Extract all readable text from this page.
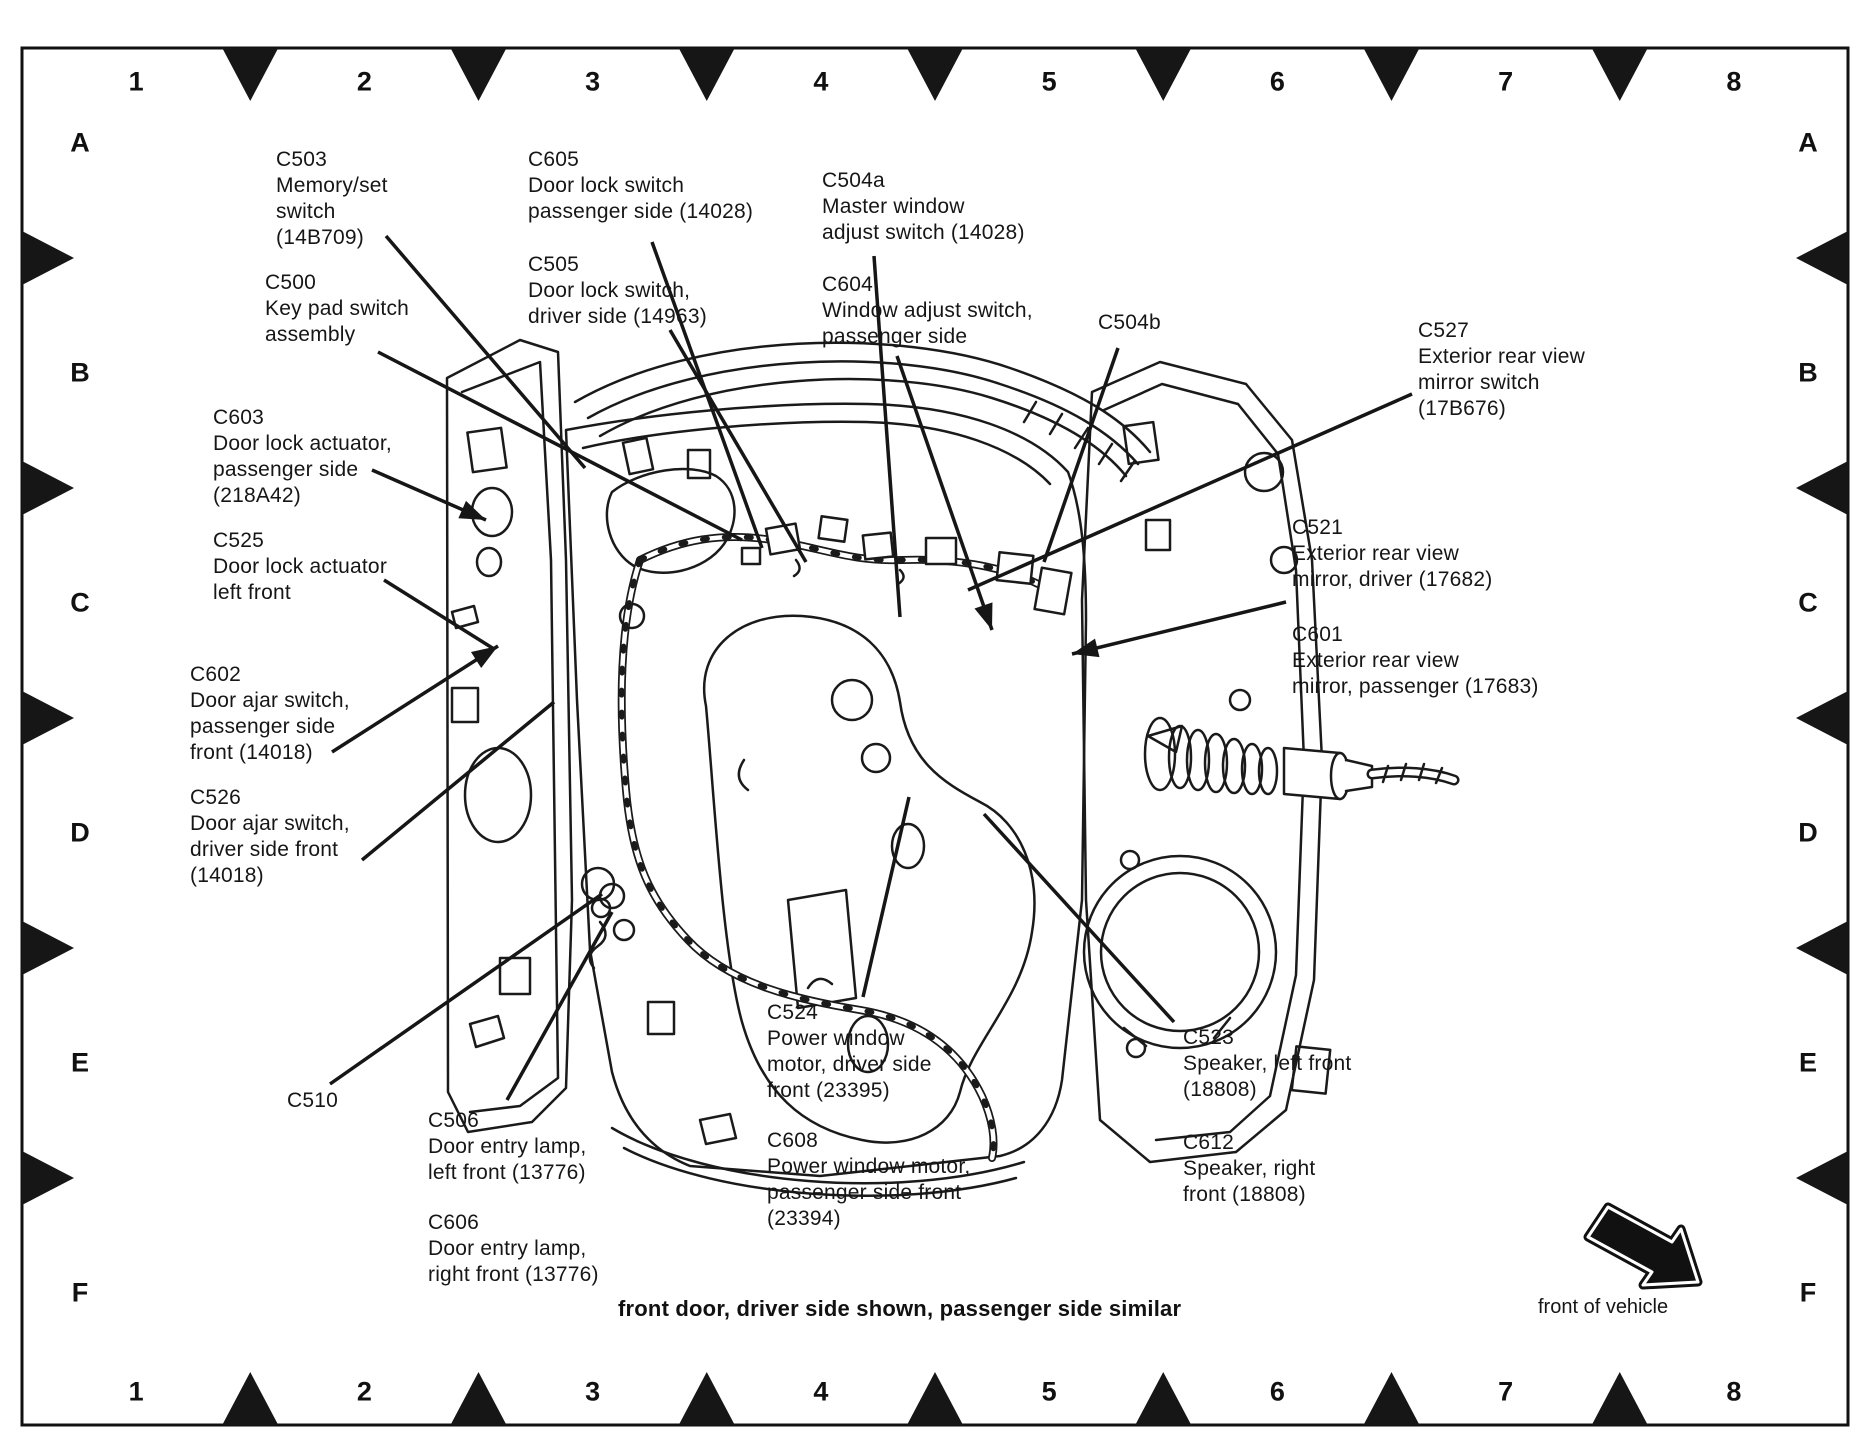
1
1
2
2
3
3
4
4
5
5
6
6
7
7
8
8
A	A
B	B
C	C
D	D
E	E
F	F
C503
Memory/set
switch
(14B709)
C500
Key pad switch
assembly
C605
Door lock switch
passenger side (14028)
C505
Door lock switch,
driver side (14963)
C504a
Master window
adjust switch (14028)
C604
Window adjust switch,
passenger side
C504b	C527
Exterior rear view
mirror switch
(17B676)
C521
Exterior rear view
mirror, driver (17682)
C601
Exterior rear view
mirror, passenger (17683)
C603
Door lock actuator,
passenger side
(218A42)
C525
Door lock actuator
left front
C602
Door ajar switch,
passenger side
front (14018)
C526
Door ajar switch,
driver side front
(14018)
C510
C506
Door entry lamp,
left front (13776)
C606
Door entry lamp,
right front (13776)
C524
Power window
motor, driver side
front (23395)
C608
Power window motor,
passenger side front
(23394)
C523
Speaker, left front
(18808)
C612
Speaker, right
front (18808)
front door, driver side shown, passenger side similar	front of vehicle
